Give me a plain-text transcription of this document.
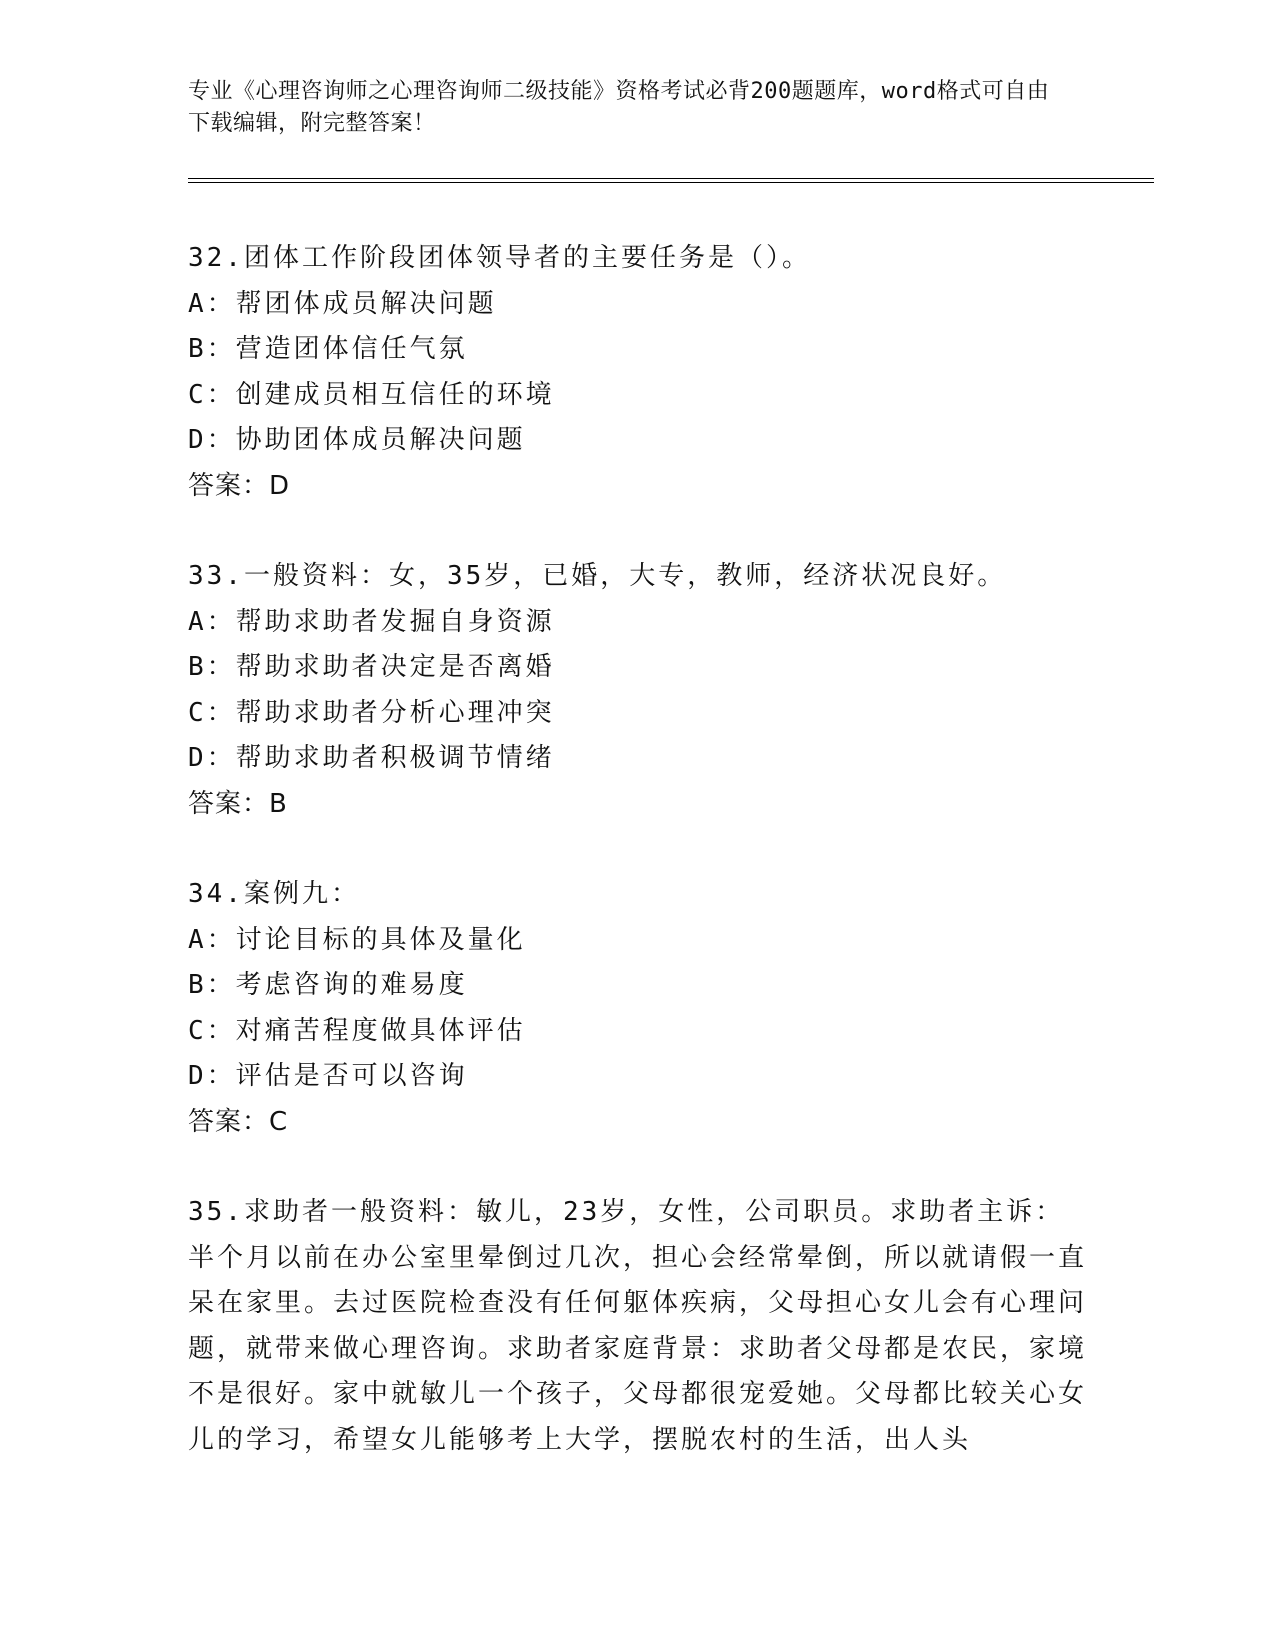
专业《心理咨询师之心理咨询师二级技能》资格考试必背200题题库，word格式可自由下载编辑，附完整答案！
32.团体工作阶段团体领导者的主要任务是（）。
A：帮团体成员解决问题
B：营造团体信任气氛
C：创建成员相互信任的环境
D：协助团体成员解决问题
答案：D
33.一般资料：女，35岁，已婚，大专，教师，经济状况良好。
A：帮助求助者发掘自身资源
B：帮助求助者决定是否离婚
C：帮助求助者分析心理冲突
D：帮助求助者积极调节情绪
答案：B
34.案例九：
A：讨论目标的具体及量化
B：考虑咨询的难易度
C：对痛苦程度做具体评估
D：评估是否可以咨询
答案：C
35.求助者一般资料：敏儿，23岁，女性，公司职员。求助者主诉：半个月以前在办公室里晕倒过几次，担心会经常晕倒，所以就请假一直呆在家里。去过医院检查没有任何躯体疾病，父母担心女儿会有心理问题，就带来做心理咨询。求助者家庭背景：求助者父母都是农民，家境不是很好。家中就敏儿一个孩子，父母都很宠爱她。父母都比较关心女儿的学习，希望女儿能够考上大学，摆脱农村的生活，出人头
